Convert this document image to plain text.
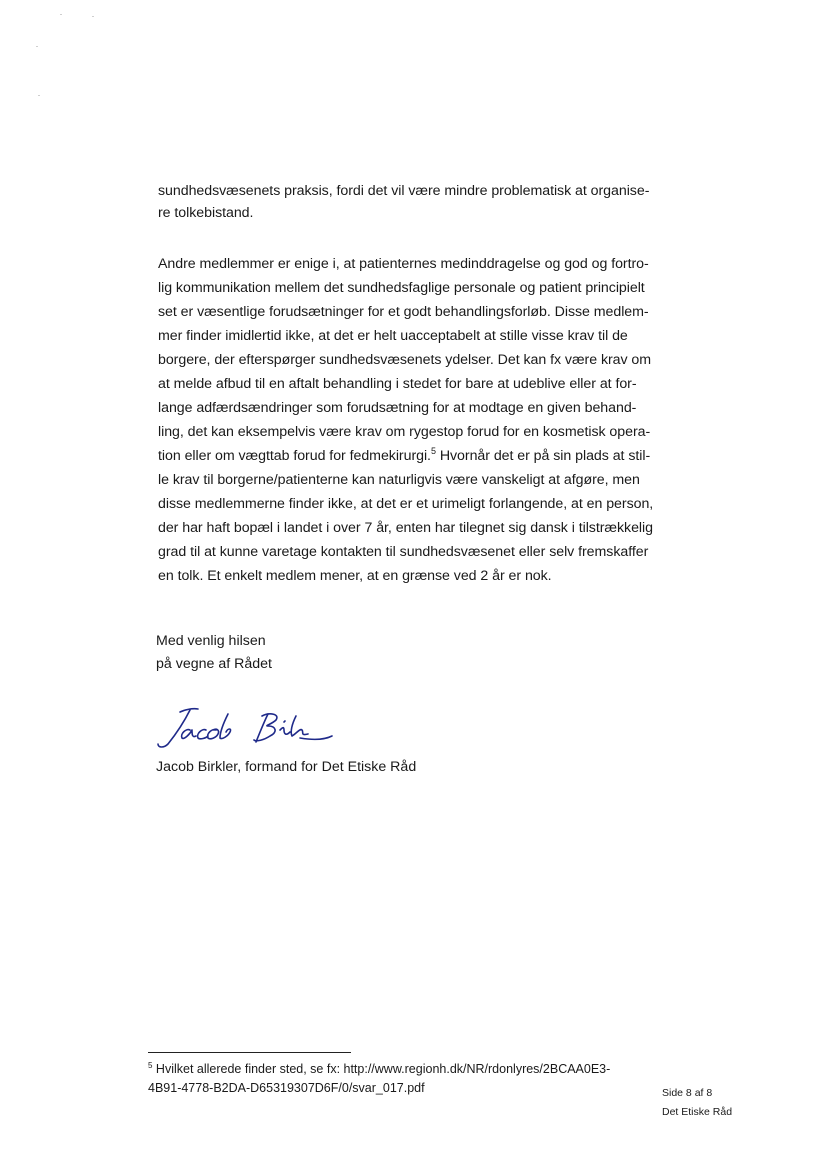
sundhedsvæsenets praksis, fordi det vil være mindre problematisk at organise-
re tolkebistand.
Andre medlemmer er enige i, at patienternes medinddragelse og god og fortro-
lig kommunikation mellem det sundhedsfaglige personale og patient principielt
set er væsentlige forudsætninger for et godt behandlingsforløb. Disse medlem-
mer finder imidlertid ikke, at det er helt uacceptabelt at stille visse krav til de
borgere, der efterspørger sundhedsvæsenets ydelser. Det kan fx være krav om
at melde afbud til en aftalt behandling i stedet for bare at udeblive eller at for-
lange adfærdsændringer som forudsætning for at modtage en given behand-
ling, det kan eksempelvis være krav om rygestop forud for en kosmetisk opera-
tion eller om vægttab forud for fedmekirurgi.$^5$ Hvornår det er på sin plads at stil-
le krav til borgerne/patienterne kan naturligvis være vanskeligt at afgøre, men
disse medlemmerne finder ikke, at det er et urimeligt forlangende, at en person,
der har haft bopæl i landet i over 7 år, enten har tilegnet sig dansk i tilstrækkelig
grad til at kunne varetage kontakten til sundhedsvæsenet eller selv fremskaffer
en tolk. Et enkelt medlem mener, at en grænse ved 2 år er nok.
Med venlig hilsen
på vegne af Rådet
Jacob Birkler, formand for Det Etiske Råd
$^5$ Hvilket allerede finder sted, se fx: http://www.regionh.dk/NR/rdonlyres/2BCAA0E3-
4B91-4778-B2DA-D65319307D6F/0/svar_017.pdf	Side 8 af 8
Det Etiske Råd
